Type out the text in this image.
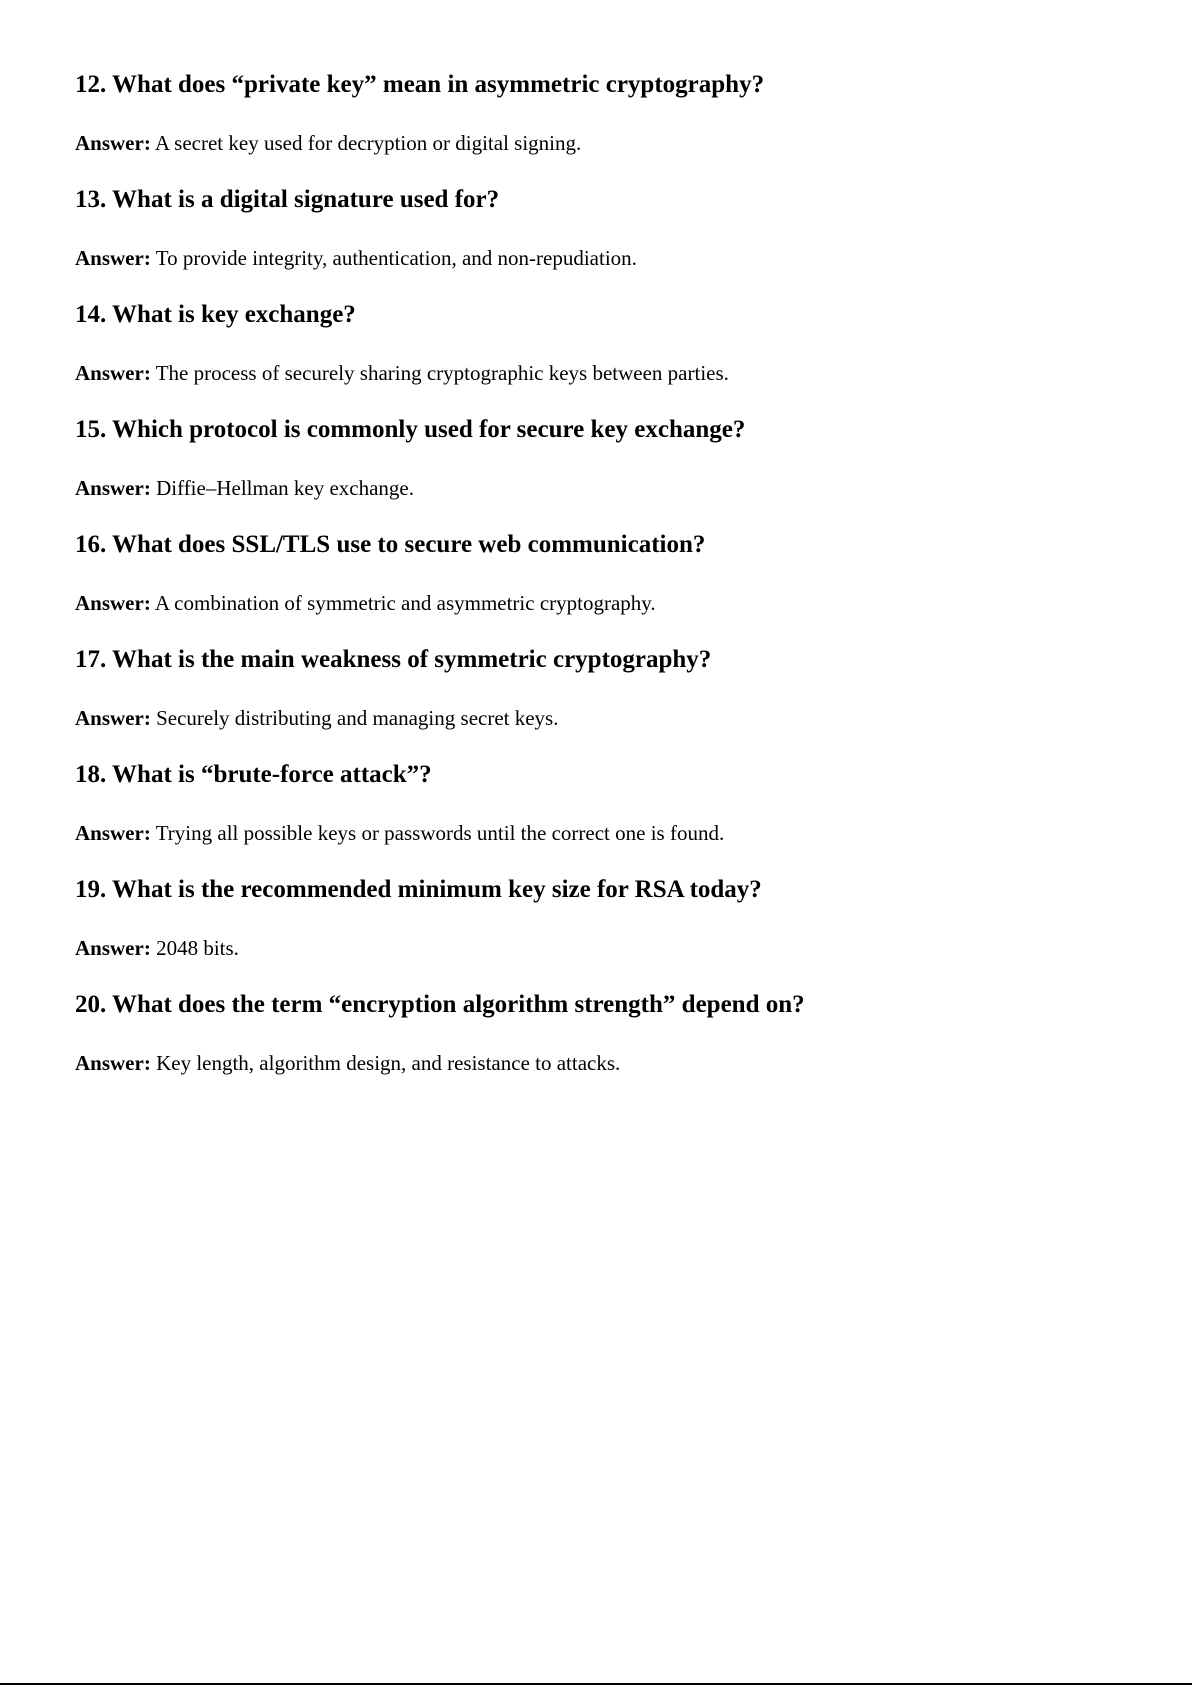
12. What does “private key” mean in asymmetric cryptography?

Answer: A secret key used for decryption or digital signing.

13. What is a digital signature used for?

Answer: To provide integrity, authentication, and non-repudiation.

14. What is key exchange?

Answer: The process of securely sharing cryptographic keys between parties.

15. Which protocol is commonly used for secure key exchange?

Answer: Diffie–Hellman key exchange.

16. What does SSL/TLS use to secure web communication?

Answer: A combination of symmetric and asymmetric cryptography.

17. What is the main weakness of symmetric cryptography?

Answer: Securely distributing and managing secret keys.

18. What is “brute-force attack”?

Answer: Trying all possible keys or passwords until the correct one is found.

19. What is the recommended minimum key size for RSA today?

Answer: 2048 bits.

20. What does the term “encryption algorithm strength” depend on?

Answer: Key length, algorithm design, and resistance to attacks.
